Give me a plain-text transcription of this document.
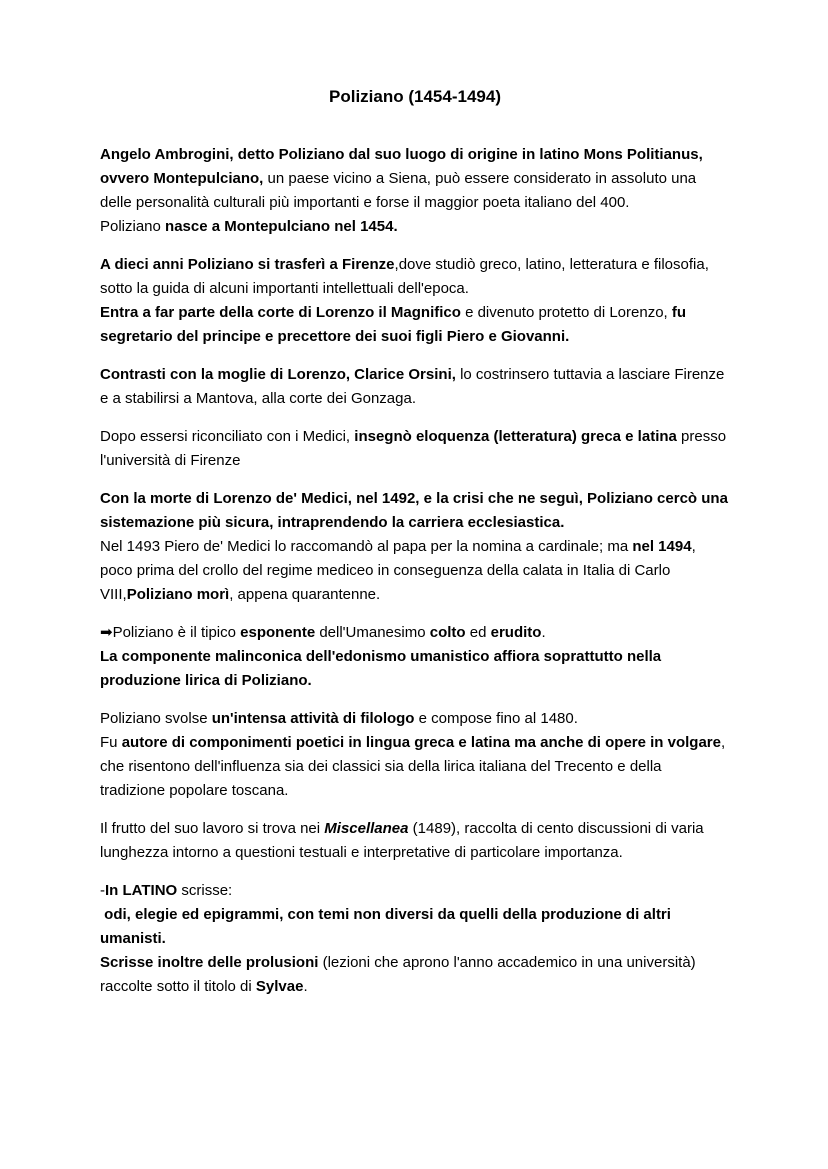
Poliziano (1454-1494)

Angelo Ambrogini, detto Poliziano dal suo luogo di origine in latino Mons Politianus, ovvero Montepulciano, un paese vicino a Siena, può essere considerato in assoluto una delle personalità culturali più importanti e forse il maggior poeta italiano del 400.
Poliziano nasce a Montepulciano nel 1454.

A dieci anni Poliziano si trasferì a Firenze,dove studiò greco, latino, letteratura e filosofia, sotto la guida di alcuni importanti intellettuali dell'epoca.
Entra a far parte della corte di Lorenzo il Magnifico e divenuto protetto di Lorenzo, fu segretario del principe e precettore dei suoi figli Piero e Giovanni.

Contrasti con la moglie di Lorenzo, Clarice Orsini, lo costrinsero tuttavia a lasciare Firenze e a stabilirsi a Mantova, alla corte dei Gonzaga.

Dopo essersi riconciliato con i Medici, insegnò eloquenza (letteratura) greca e latina presso l'università di Firenze

Con la morte di Lorenzo de' Medici, nel 1492, e la crisi che ne seguì, Poliziano cercò una sistemazione più sicura, intraprendendo la carriera ecclesiastica.
Nel 1493 Piero de' Medici lo raccomandò al papa per la nomina a cardinale; ma nel 1494, poco prima del crollo del regime mediceo in conseguenza della calata in Italia di Carlo VIII,Poliziano morì, appena quarantenne.

➡Poliziano è il tipico esponente dell'Umanesimo colto ed erudito.
La componente malinconica dell'edonismo umanistico affiora soprattutto nella produzione lirica di Poliziano.

Poliziano svolse un'intensa attività di filologo e compose fino al 1480.
Fu autore di componimenti poetici in lingua greca e latina ma anche di opere in volgare, che risentono dell'influenza sia dei classici sia della lirica italiana del Trecento e della tradizione popolare toscana.

Il frutto del suo lavoro si trova nei Miscellanea (1489), raccolta di cento discussioni di varia lunghezza intorno a questioni testuali e interpretative di particolare importanza.

-In LATINO scrisse:
odi, elegie ed epigrammi, con temi non diversi da quelli della produzione di altri umanisti.
Scrisse inoltre delle prolusioni (lezioni che aprono l'anno accademico in una università) raccolte sotto il titolo di Sylvae.
